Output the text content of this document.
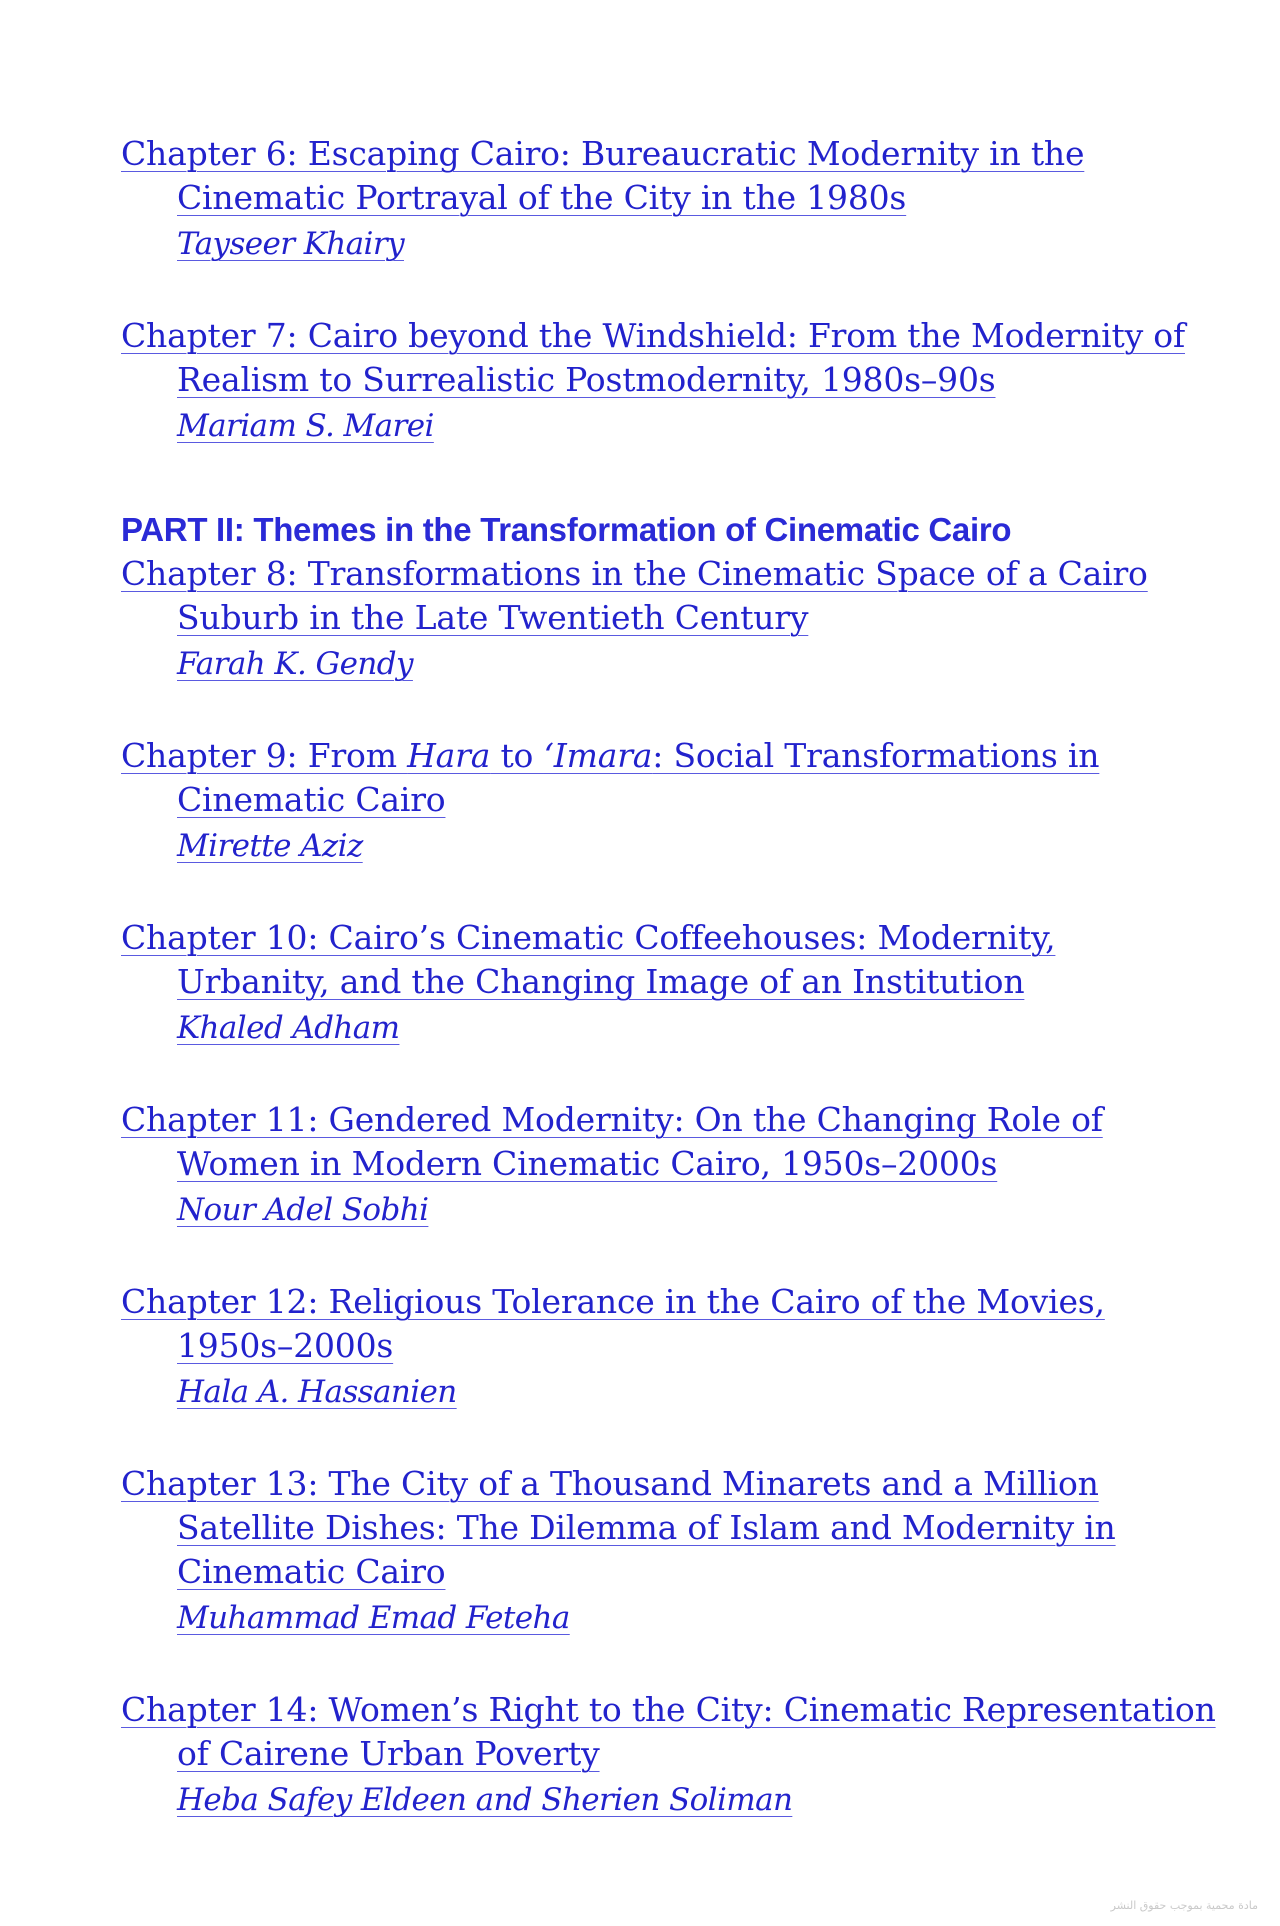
Chapter 6: Escaping Cairo: Bureaucratic Modernity in the
Cinematic Portrayal of the City in the 1980s
Tayseer Khairy
Chapter 7: Cairo beyond the Windshield: From the Modernity of
Realism to Surrealistic Postmodernity, 1980s–90s
Mariam S. Marei
PART II: Themes in the Transformation of Cinematic Cairo
Chapter 8: Transformations in the Cinematic Space of a Cairo
Suburb in the Late Twentieth Century
Farah K. Gendy
Chapter 9: From Hara to ‘Imara: Social Transformations in
Cinematic Cairo
Mirette Aziz
Chapter 10: Cairo’s Cinematic Coffeehouses: Modernity,
Urbanity, and the Changing Image of an Institution
Khaled Adham
Chapter 11: Gendered Modernity: On the Changing Role of
Women in Modern Cinematic Cairo, 1950s–2000s
Nour Adel Sobhi
Chapter 12: Religious Tolerance in the Cairo of the Movies,
1950s–2000s
Hala A. Hassanien
Chapter 13: The City of a Thousand Minarets and a Million
Satellite Dishes: The Dilemma of Islam and Modernity in
Cinematic Cairo
Muhammad Emad Feteha
Chapter 14: Women’s Right to the City: Cinematic Representation
of Cairene Urban Poverty
Heba Safey Eldeen and Sherien Soliman
مادة محمية بموجب حقوق النشر
